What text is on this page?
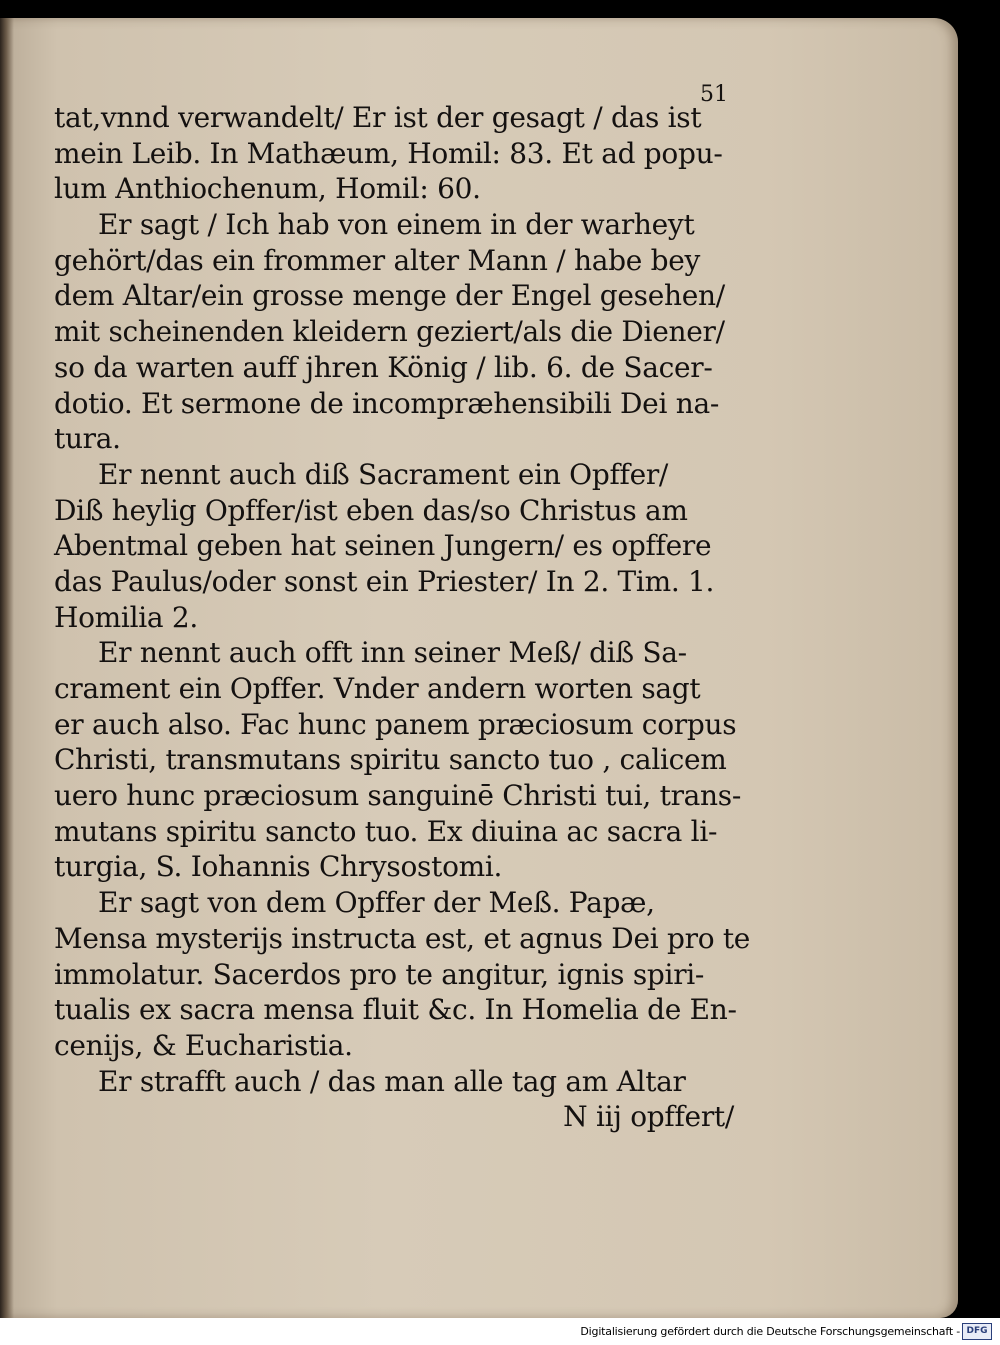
51
tat,vnnd verwandelt/ Er ist der gesagt / das ist
mein Leib. In Mathæum, Homil: 83. Et ad popu-
lum Anthiochenum, Homil: 60.
Er sagt / Ich hab von einem in der warheyt
gehört/das ein frommer alter Mann / habe bey
dem Altar/ein grosse menge der Engel gesehen/
mit scheinenden kleidern geziert/als die Diener/
so da warten auff jhren König / lib. 6. de Sacer-
dotio. Et sermone de incompræhensibili Dei na-
tura.
Er nennt auch diß Sacrament ein Opffer/
Diß heylig Opffer/ist eben das/so Christus am
Abentmal geben hat seinen Jungern/ es opffere
das Paulus/oder sonst ein Priester/ In 2. Tim. 1.
Homilia 2.
Er nennt auch offt inn seiner Meß/ diß Sa-
crament ein Opffer. Vnder andern worten sagt
er auch also. Fac hunc panem præciosum corpus
Christi, transmutans spiritu sancto tuo , calicem
uero hunc præciosum sanguinē Christi tui, trans-
mutans spiritu sancto tuo. Ex diuina ac sacra li-
turgia, S. Iohannis Chrysostomi.
Er sagt von dem Opffer der Meß. Papæ,
Mensa mysterijs instructa est, et agnus Dei pro te
immolatur. Sacerdos pro te angitur, ignis spiri-
tualis ex sacra mensa fluit &c. In Homelia de En-
cenijs, & Eucharistia.
Er strafft auch / das man alle tag am Altar
N iij opffert/
Digitalisierung gefördert durch die Deutsche Forschungsgemeinschaft - DFG
